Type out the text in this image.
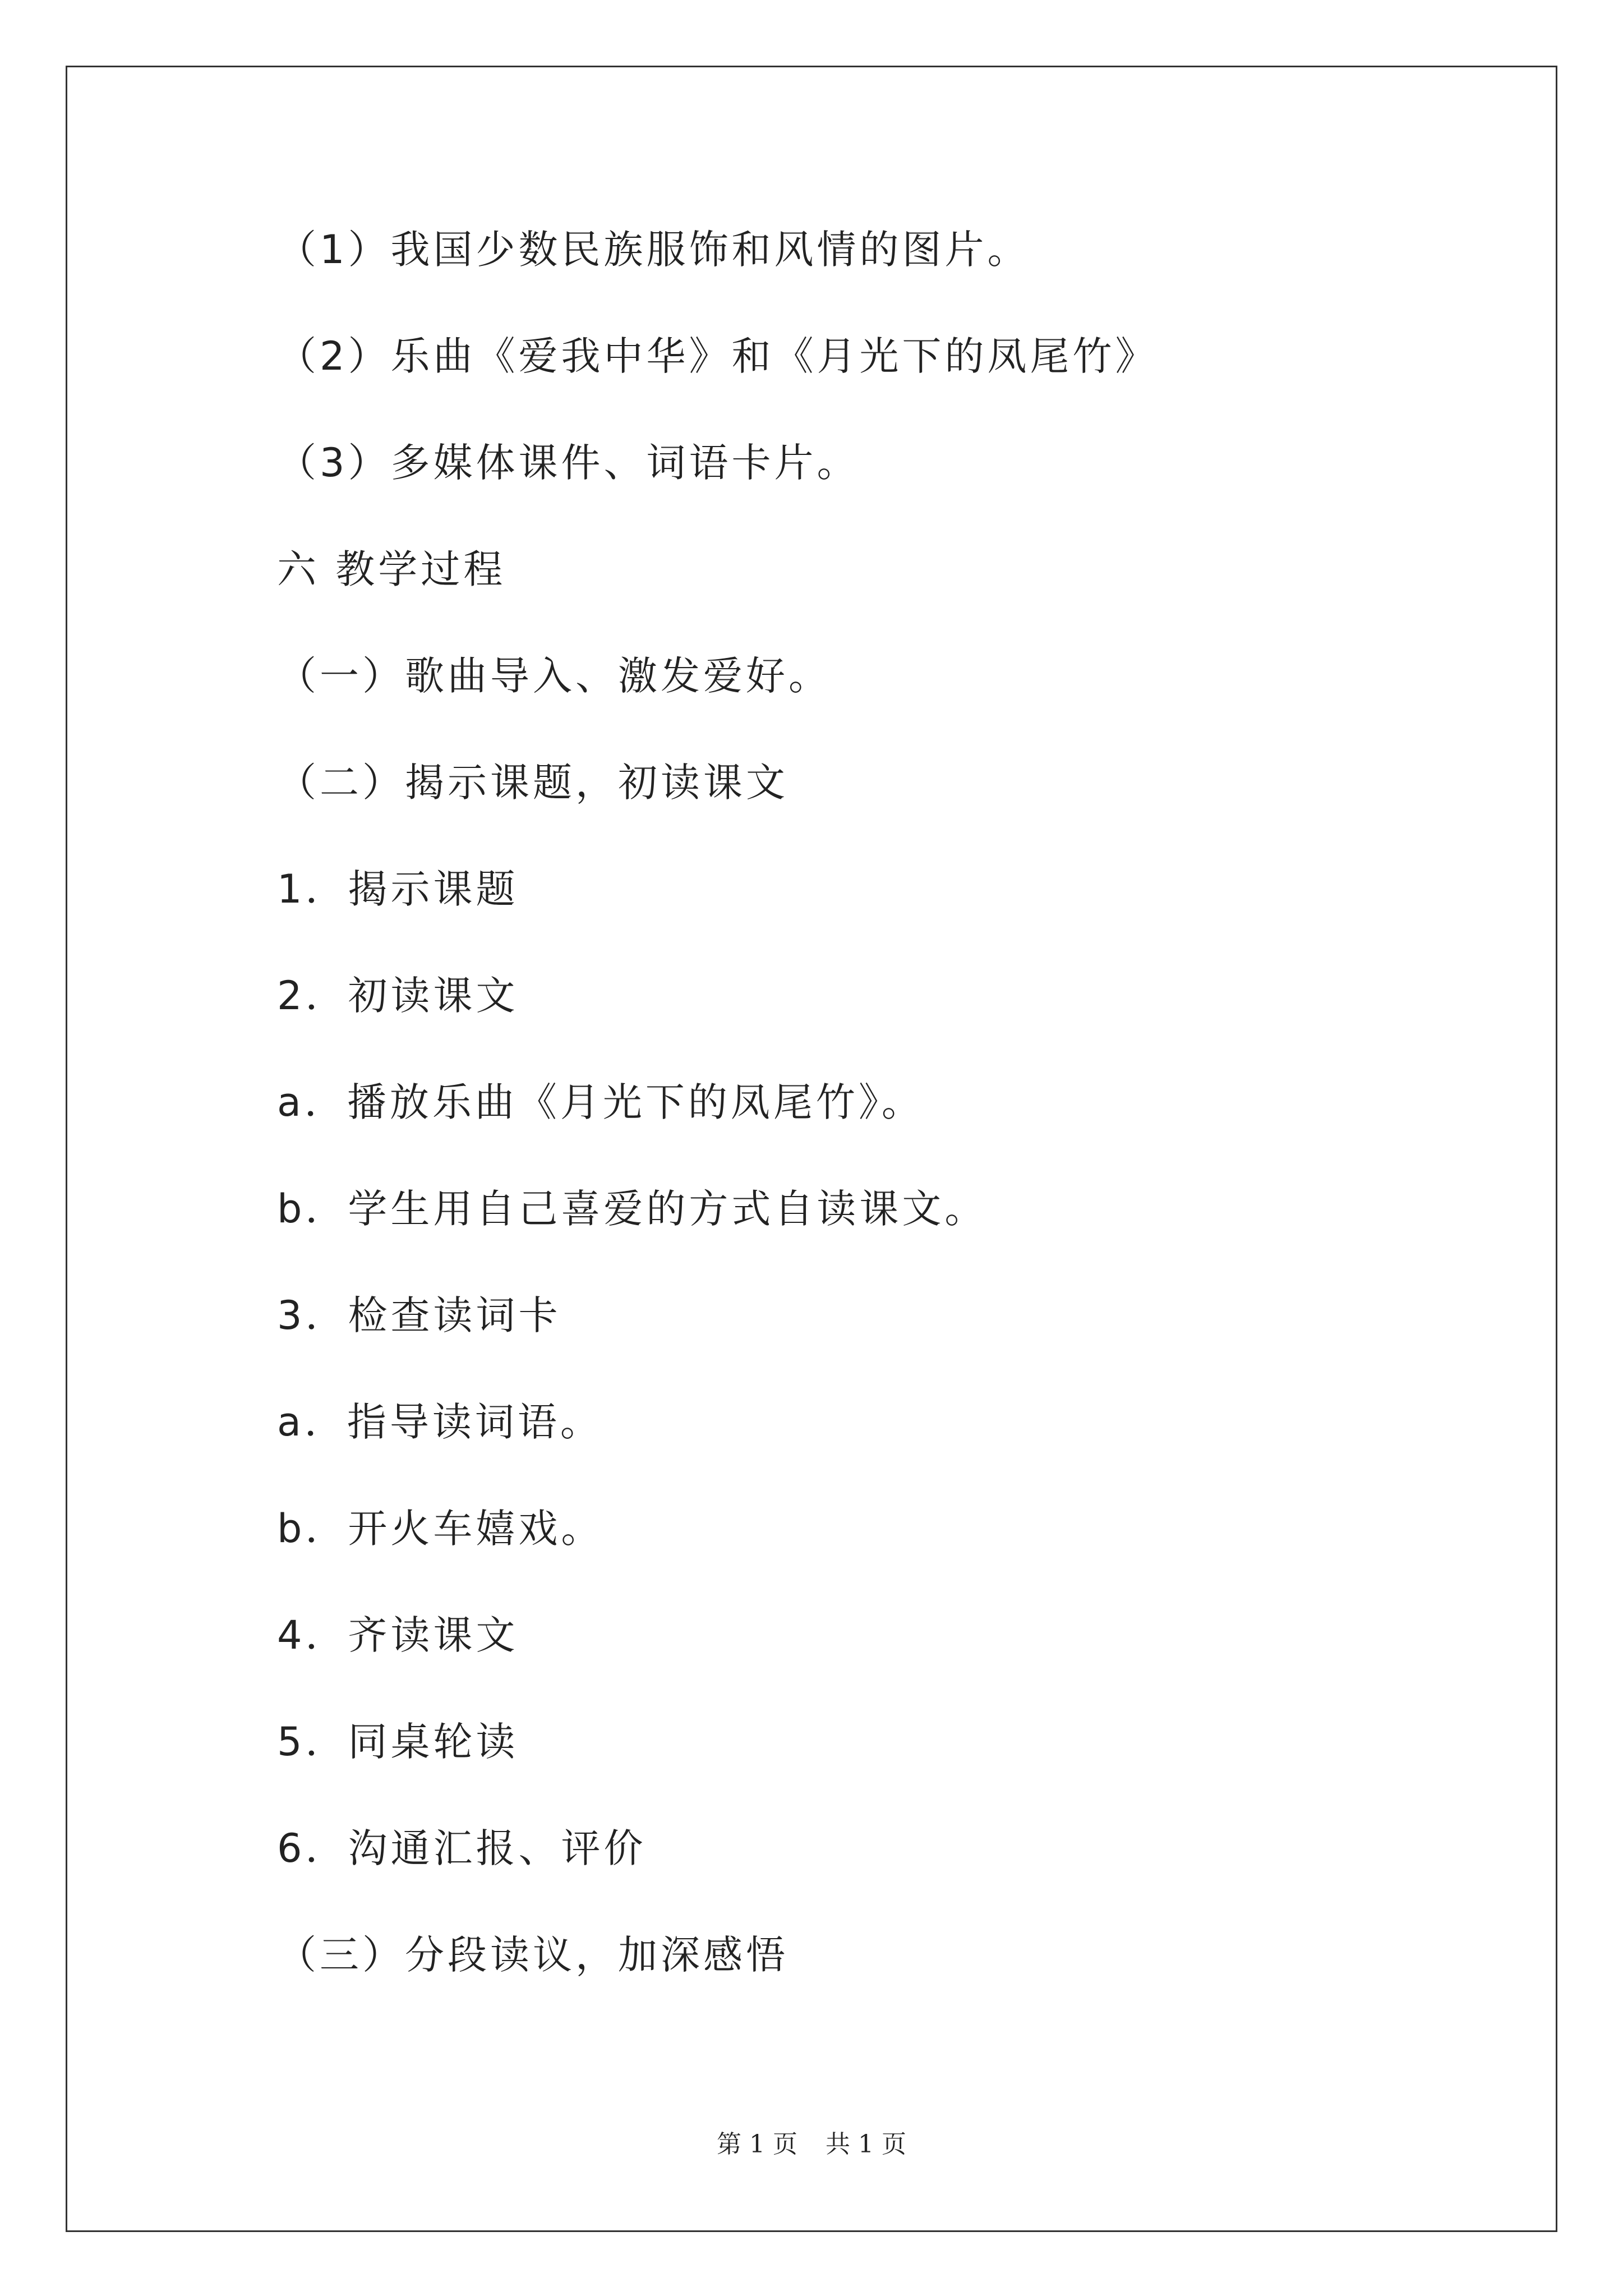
（1）我国少数民族服饰和风情的图片。
（2）乐曲《爱我中华》和《月光下的凤尾竹》
（3）多媒体课件、词语卡片。
六 教学过程
（一）歌曲导入、激发爱好。
（二）揭示课题，初读课文
1．揭示课题
2．初读课文
a．播放乐曲《月光下的凤尾竹》。
b．学生用自己喜爱的方式自读课文。
3．检查读词卡
a．指导读词语。
b．开火车嬉戏。
4．齐读课文
5．同桌轮读
6．沟通汇报、评价
（三）分段读议，加深感悟
第 1 页 共 1 页
